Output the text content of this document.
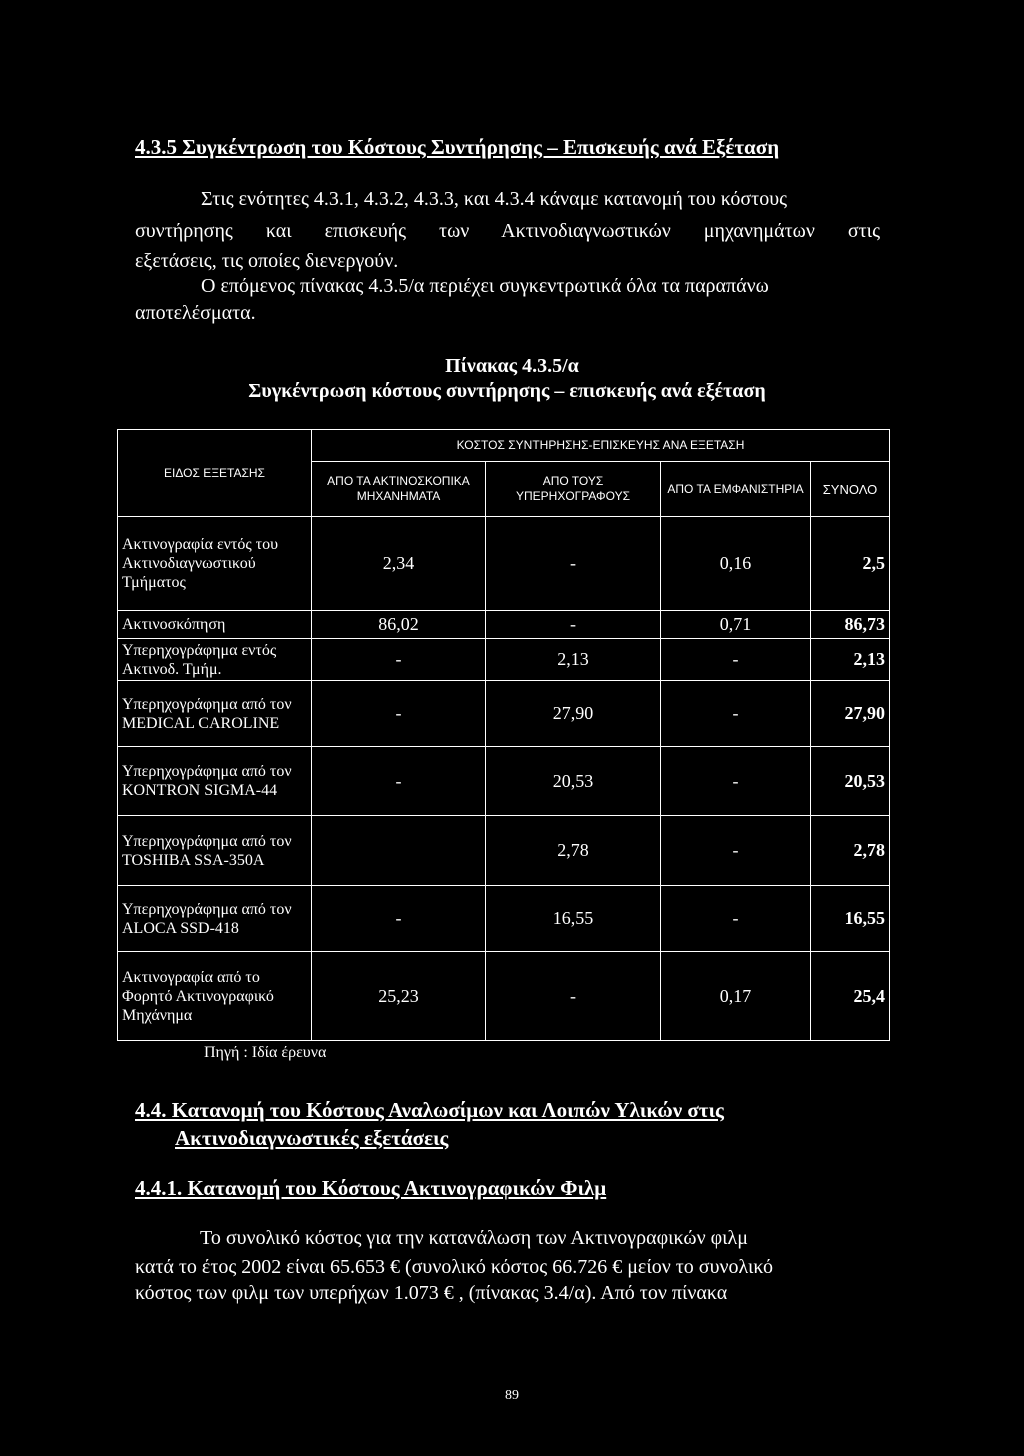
4.3.5 Συγκέντρωση του Κόστους Συντήρησης – Επισκευής ανά Εξέταση
Στις ενότητες 4.3.1, 4.3.2, 4.3.3, και 4.3.4 κάναμε κατανομή του κόστους
συντήρησης και επισκευής των Ακτινοδιαγνωστικών μηχανημάτων στις
εξετάσεις, τις οποίες διενεργούν.
Ο επόμενος πίνακας 4.3.5/α περιέχει συγκεντρωτικά όλα τα παραπάνω
αποτελέσματα.
Πίνακας 4.3.5/α
Συγκέντρωση κόστους συντήρησης – επισκευής ανά εξέταση
ΕΙΔΟΣ ΕΞΕΤΑΣΗΣ	ΚΟΣΤΟΣ ΣΥΝΤΗΡΗΣΗΣ-ΕΠΙΣΚΕΥΗΣ ΑΝΑ ΕΞΕΤΑΣΗ			
	ΑΠΟ ΤΑ ΑΚΤΙΝΟΣΚΟΠΙΚΑ ΜΗΧΑΝΗΜΑΤΑ	ΑΠΟ ΤΟΥΣ ΥΠΕΡΗΧΟΓΡΑΦΟΥΣ	ΑΠΟ ΤΑ ΕΜΦΑΝΙΣΤΗΡΙΑ	ΣΥΝΟΛΟ
Ακτινογραφία εντός του Ακτινοδιαγνωστικού Τμήματος	2,34	-	0,16	2,5
Ακτινοσκόπηση	86,02	-	0,71	86,73
Υπερηχογράφημα εντός Ακτινοδ. Τμήμ.	-	2,13	-	2,13
Υπερηχογράφημα από τον MEDICAL CAROLINE	-	27,90	-	27,90
Υπερηχογράφημα από τον KONTRON SIGMA-44	-	20,53	-	20,53
Υπερηχογράφημα από τον TOSHIBA SSA-350A		2,78	-	2,78
Υπερηχογράφημα από τον ALOCA SSD-418	-	16,55	-	16,55
Ακτινογραφία από το Φορητό Ακτινογραφικό Μηχάνημα	25,23	-	0,17	25,4
Πηγή : Ιδία έρευνα
4.4. Κατανομή του Κόστους Αναλωσίμων και Λοιπών Υλικών στις
Ακτινοδιαγνωστικές εξετάσεις
4.4.1. Κατανομή του Κόστους Ακτινογραφικών Φιλμ
Το συνολικό κόστος για την κατανάλωση των Ακτινογραφικών φιλμ
κατά το έτος 2002 είναι 65.653 € (συνολικό κόστος 66.726 € μείον το συνολικό
κόστος των φιλμ των υπερήχων 1.073 € , (πίνακας 3.4/α). Από τον πίνακα
89
